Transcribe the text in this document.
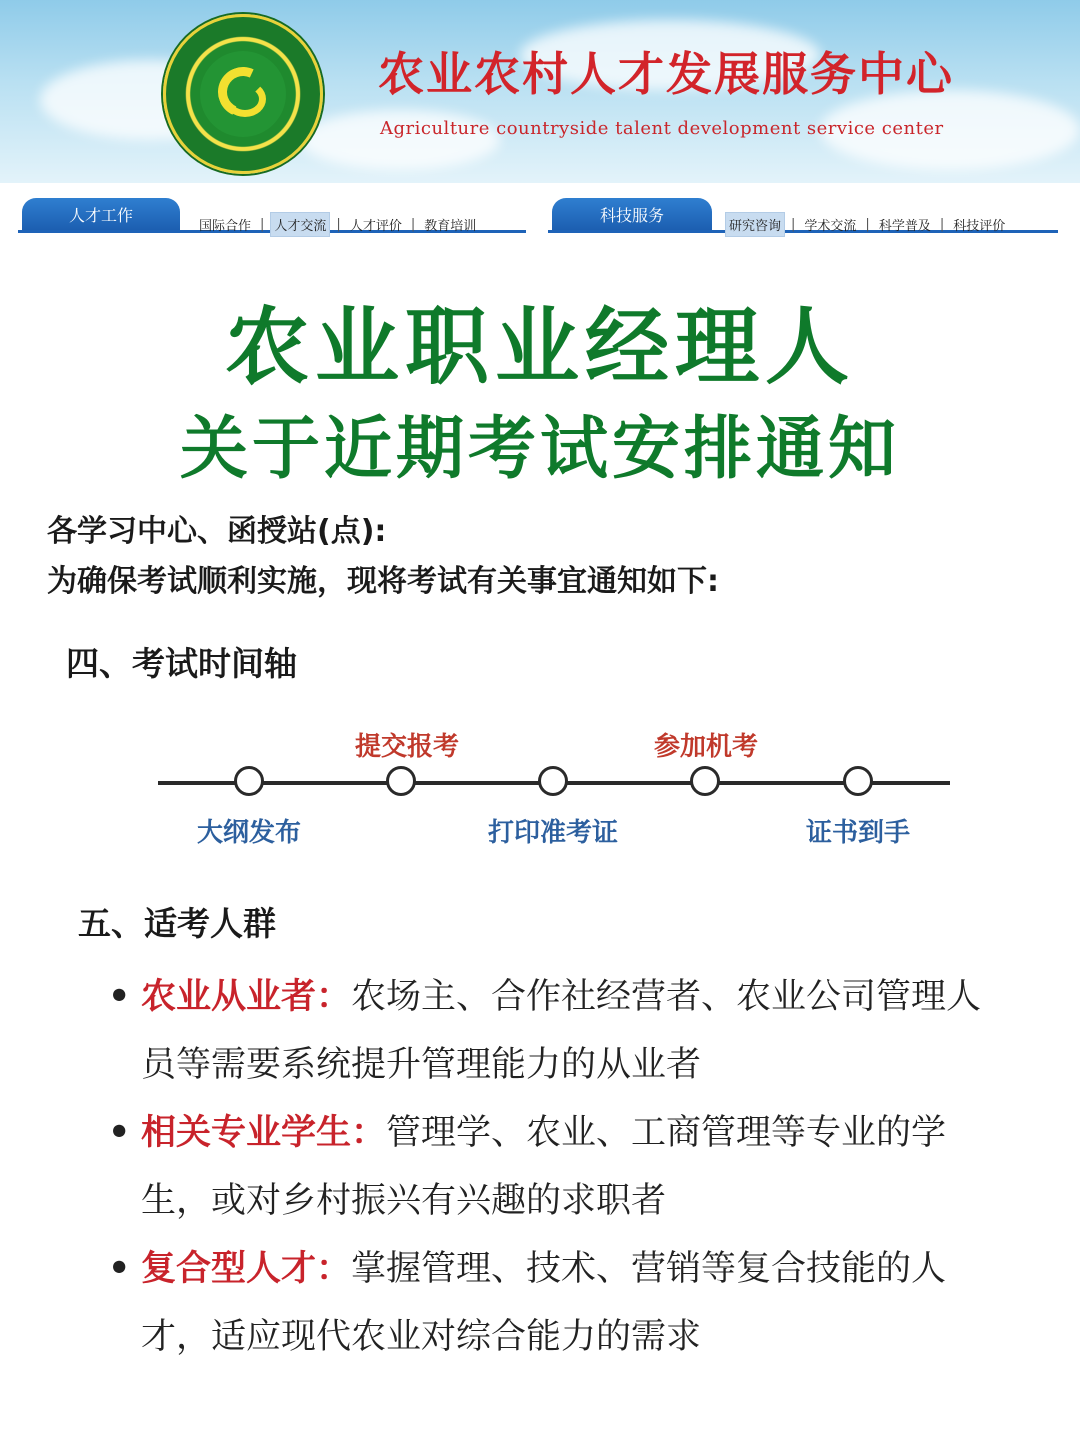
农业农村人才发展服务中心
Agriculture countryside talent development service center
人才工作
国际合作 | 人才交流 | 人才评价 | 教育培训
科技服务
研究咨询 | 学术交流 | 科学普及 | 科技评价
农业职业经理人
关于近期考试安排通知
各学习中心、函授站(点):
为确保考试顺利实施，现将考试有关事宜通知如下:
四、考试时间轴
大纲发布
提交报考
打印准考证
参加机考
证书到手
五、适考人群
• 农业从业者：农场主、合作社经营者、农业公司管理人员等需要系统提升管理能力的从业者
• 相关专业学生：管理学、农业、工商管理等专业的学生，或对乡村振兴有兴趣的求职者
• 复合型人才：掌握管理、技术、营销等复合技能的人才，适应现代农业对综合能力的需求
